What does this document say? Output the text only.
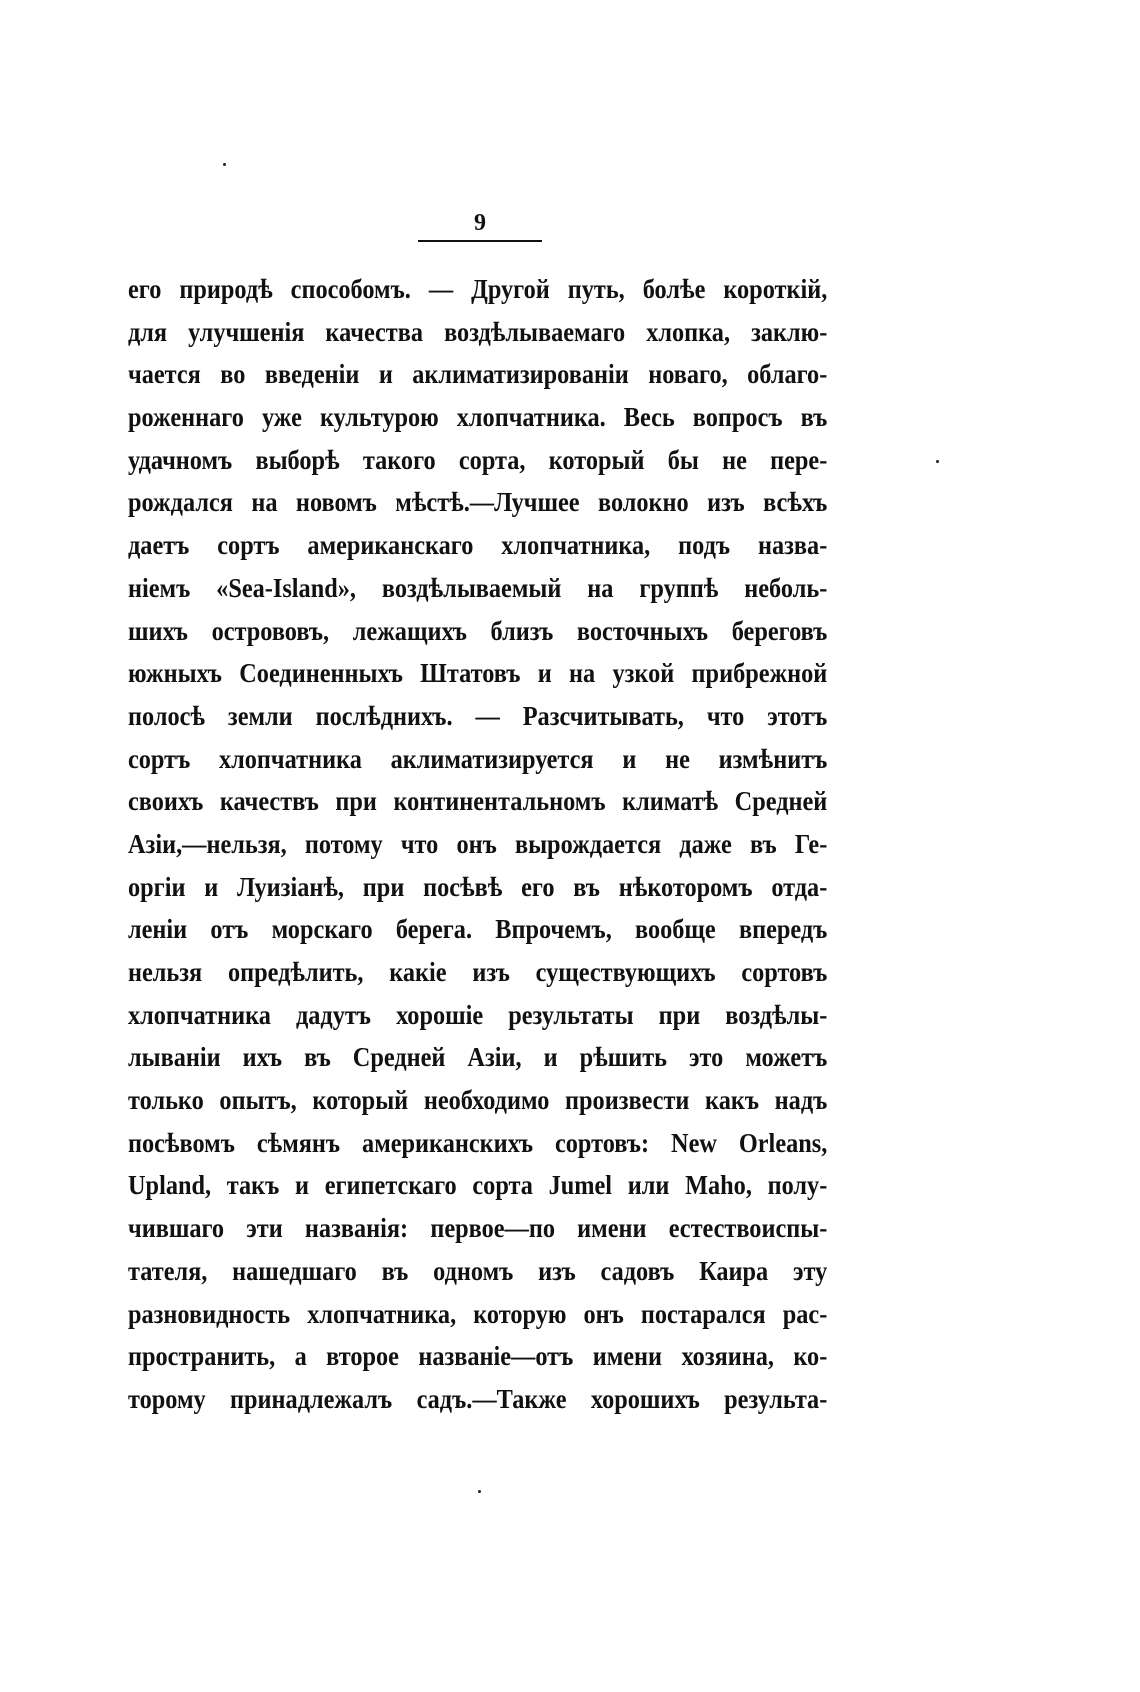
9
его природѣ способомъ. — Другой путь, болѣе короткій,
для улучшенія качества воздѣлываемаго хлопка, заклю-
чается во введеніи и аклиматизированіи новаго, облаго-
роженнаго уже культурою хлопчатника. Весь вопросъ въ
удачномъ выборѣ такого сорта, который бы не пере-
рождался на новомъ мѣстѣ.—Лучшее волокно изъ всѣхъ
даетъ сортъ американскаго хлопчатника, подъ назва-
ніемъ «Sea-Island», воздѣлываемый на группѣ неболь-
шихъ острововъ, лежащихъ близъ восточныхъ береговъ
южныхъ Соединенныхъ Штатовъ и на узкой прибрежной
полосѣ земли послѣднихъ. — Разсчитывать, что этотъ
сортъ хлопчатника аклиматизируется и не измѣнитъ
своихъ качествъ при континентальномъ климатѣ Средней
Азіи,—нельзя, потому что онъ вырождается даже въ Ге-
оргіи и Луизіанѣ, при посѣвѣ его въ нѣкоторомъ отда-
леніи отъ морскаго берега. Впрочемъ, вообще впередъ
нельзя опредѣлить, какіе изъ существующихъ сортовъ
хлопчатника дадутъ хорошіе результаты при воздѣлы-
лываніи ихъ въ Средней Азіи, и рѣшить это можетъ
только опытъ, который необходимо произвести какъ надъ
посѣвомъ сѣмянъ американскихъ сортовъ: New Orleans,
Upland, такъ и египетскаго сорта Jumel или Maho, полу-
чившаго эти названія: первое—по имени естествоиспы-
тателя, нашедшаго въ одномъ изъ садовъ Каира эту
разновидность хлопчатника, которую онъ постарался рас-
пространить, а второе названіе—отъ имени хозяина, ко-
торому принадлежалъ садъ.—Также хорошихъ результа-
